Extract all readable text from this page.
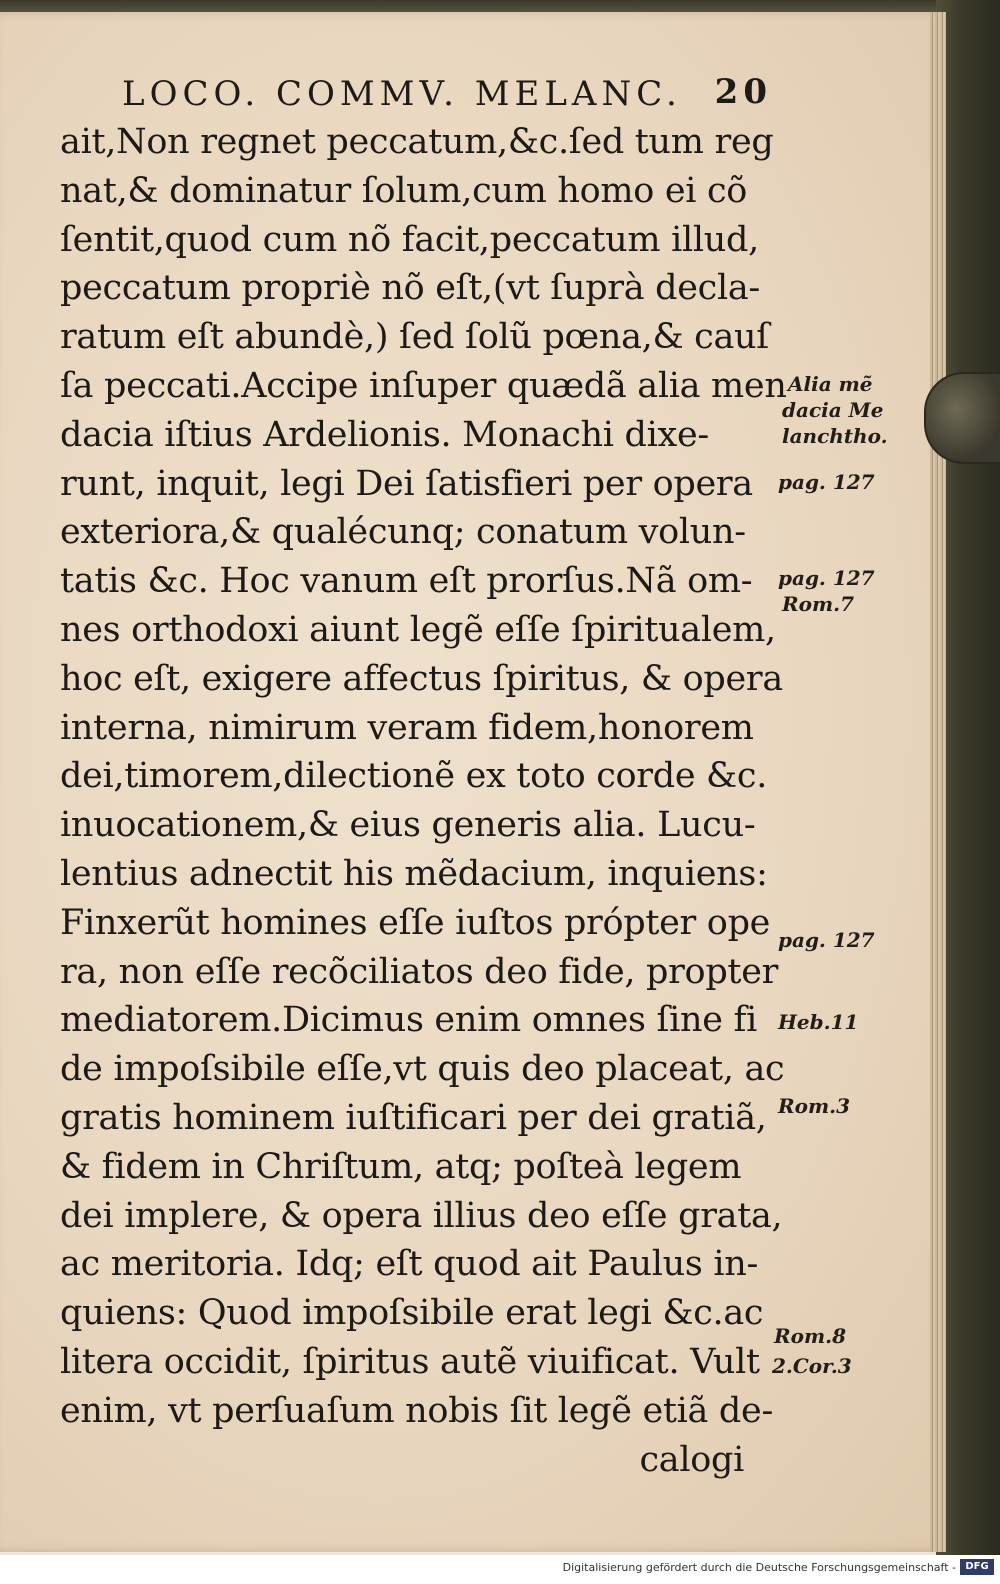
LOCO. COMMV. MELANC. 20
ait,Non regnet peccatum,&c.ſed tum reg
nat,& dominatur ſolum,cum homo ei cõ
ſentit,quod cum nõ facit,peccatum illud,
peccatum propriè nõ eſt,(vt ſuprà decla-
ratum eſt abundè,) ſed ſolũ pœna,& cauſ
ſa peccati.Accipe inſuper quædã alia men
dacia iſtius Ardelionis. Monachi dixe-
runt, inquit, legi Dei ſatisfieri per opera
exteriora,& qualécunq; conatum volun-
tatis &c. Hoc vanum eſt prorſus.Nã om-
nes orthodoxi aiunt legẽ eſſe ſpiritualem,
hoc eſt, exigere affectus ſpiritus, & opera
interna, nimirum veram fidem,honorem
dei,timorem,dilectionẽ ex toto corde &c.
inuocationem,& eius generis alia. Lucu-
lentius adnectit his mẽdacium, inquiens:
Finxerũt homines eſſe iuſtos própter ope
ra, non eſſe recõciliatos deo fide, propter
mediatorem.Dicimus enim omnes ſine fi
de impoſsibile eſſe,vt quis deo placeat, ac
gratis hominem iuſtificari per dei gratiã,
& fidem in Chriſtum, atq; poſteà legem
dei implere, & opera illius deo eſſe grata,
ac meritoria. Idq; eſt quod ait Paulus in-
quiens: Quod impoſsibile erat legi &c.ac
litera occidit, ſpiritus autẽ viuificat. Vult
enim, vt perſuaſum nobis ſit legẽ etiã de-
calogi
Alia mẽ
dacia Me
lanchtho.
pag. 127
pag. 127
Rom.7
pag. 127
Heb.11
Rom.3
Rom.8
2.Cor.3
Digitalisierung gefördert durch die Deutsche Forschungsgemeinschaft - DFG
